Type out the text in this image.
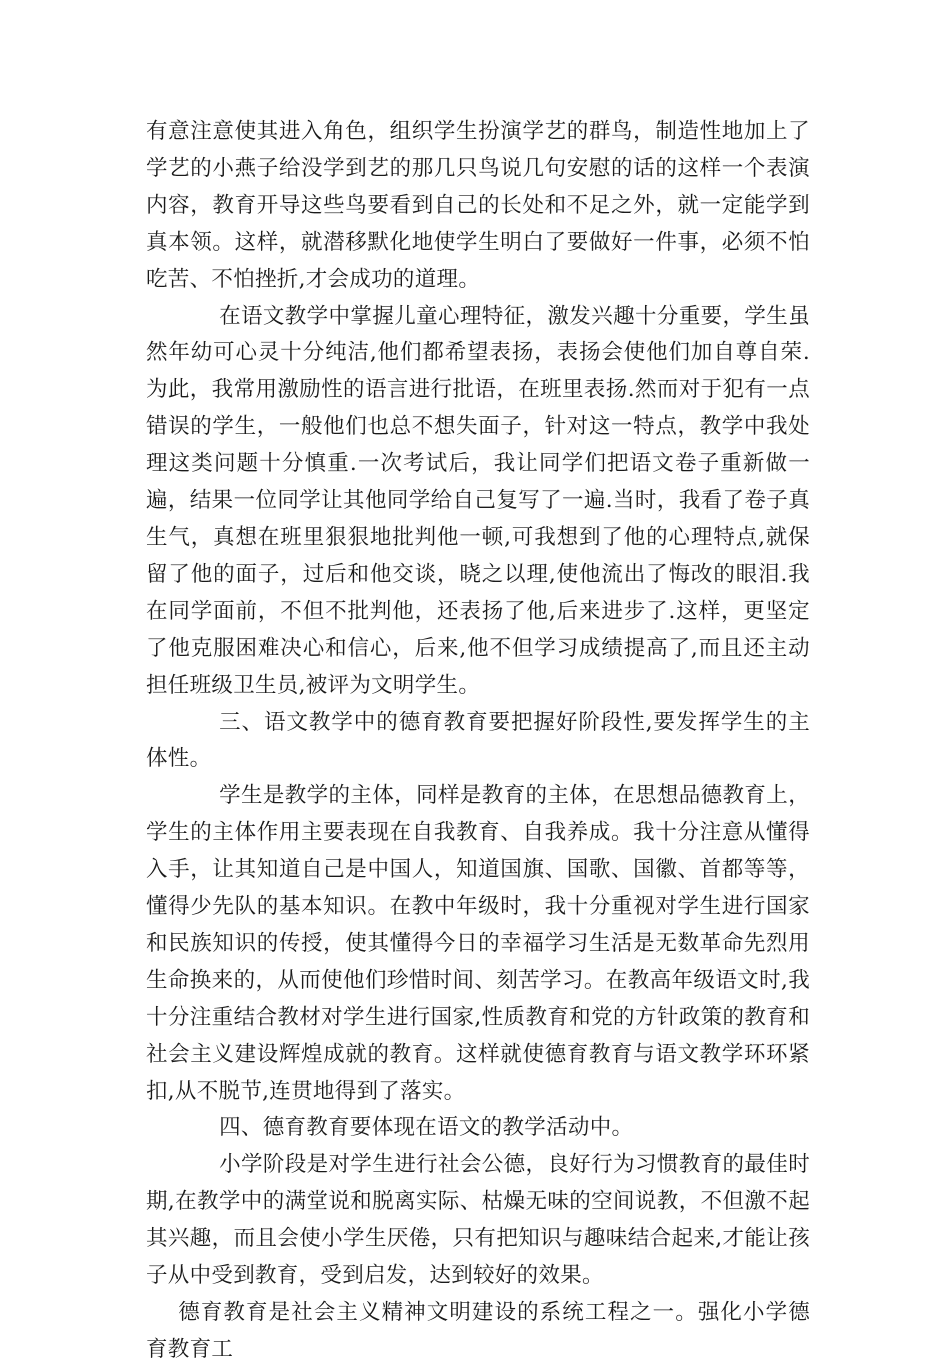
有意注意使其进入角色，组织学生扮演学艺的群鸟，制造性地加上了学艺的小燕子给没学到艺的那几只鸟说几句安慰的话的这样一个表演内容，教育开导这些鸟要看到自己的长处和不足之外，就一定能学到真本领。这样，就潜移默化地使学生明白了要做好一件事，必须不怕吃苦、不怕挫折,才会成功的道理。

在语文教学中掌握儿童心理特征，激发兴趣十分重要，学生虽然年幼可心灵十分纯洁,他们都希望表扬，表扬会使他们加自尊自荣.为此，我常用激励性的语言进行批语，在班里表扬.然而对于犯有一点错误的学生，一般他们也总不想失面子，针对这一特点，教学中我处理这类问题十分慎重.一次考试后，我让同学们把语文卷子重新做一遍，结果一位同学让其他同学给自己复写了一遍.当时，我看了卷子真生气，真想在班里狠狠地批判他一顿,可我想到了他的心理特点,就保留了他的面子，过后和他交谈，晓之以理,使他流出了悔改的眼泪.我在同学面前，不但不批判他，还表扬了他,后来进步了.这样，更坚定了他克服困难决心和信心，后来,他不但学习成绩提高了,而且还主动担任班级卫生员,被评为文明学生。

三、语文教学中的德育教育要把握好阶段性,要发挥学生的主体性。

学生是教学的主体，同样是教育的主体，在思想品德教育上，学生的主体作用主要表现在自我教育、自我养成。我十分注意从懂得入手，让其知道自己是中国人，知道国旗、国歌、国徽、首都等等，懂得少先队的基本知识。在教中年级时，我十分重视对学生进行国家和民族知识的传授，使其懂得今日的幸福学习生活是无数革命先烈用生命换来的，从而使他们珍惜时间、刻苦学习。在教高年级语文时,我十分注重结合教材对学生进行国家,性质教育和党的方针政策的教育和社会主义建设辉煌成就的教育。这样就使德育教育与语文教学环环紧扣,从不脱节,连贯地得到了落实。

四、德育教育要体现在语文的教学活动中。

小学阶段是对学生进行社会公德，良好行为习惯教育的最佳时期,在教学中的满堂说和脱离实际、枯燥无味的空间说教，不但激不起其兴趣，而且会使小学生厌倦，只有把知识与趣味结合起来,才能让孩子从中受到教育，受到启发，达到较好的效果。

德育教育是社会主义精神文明建设的系统工程之一。强化小学德育教育工
